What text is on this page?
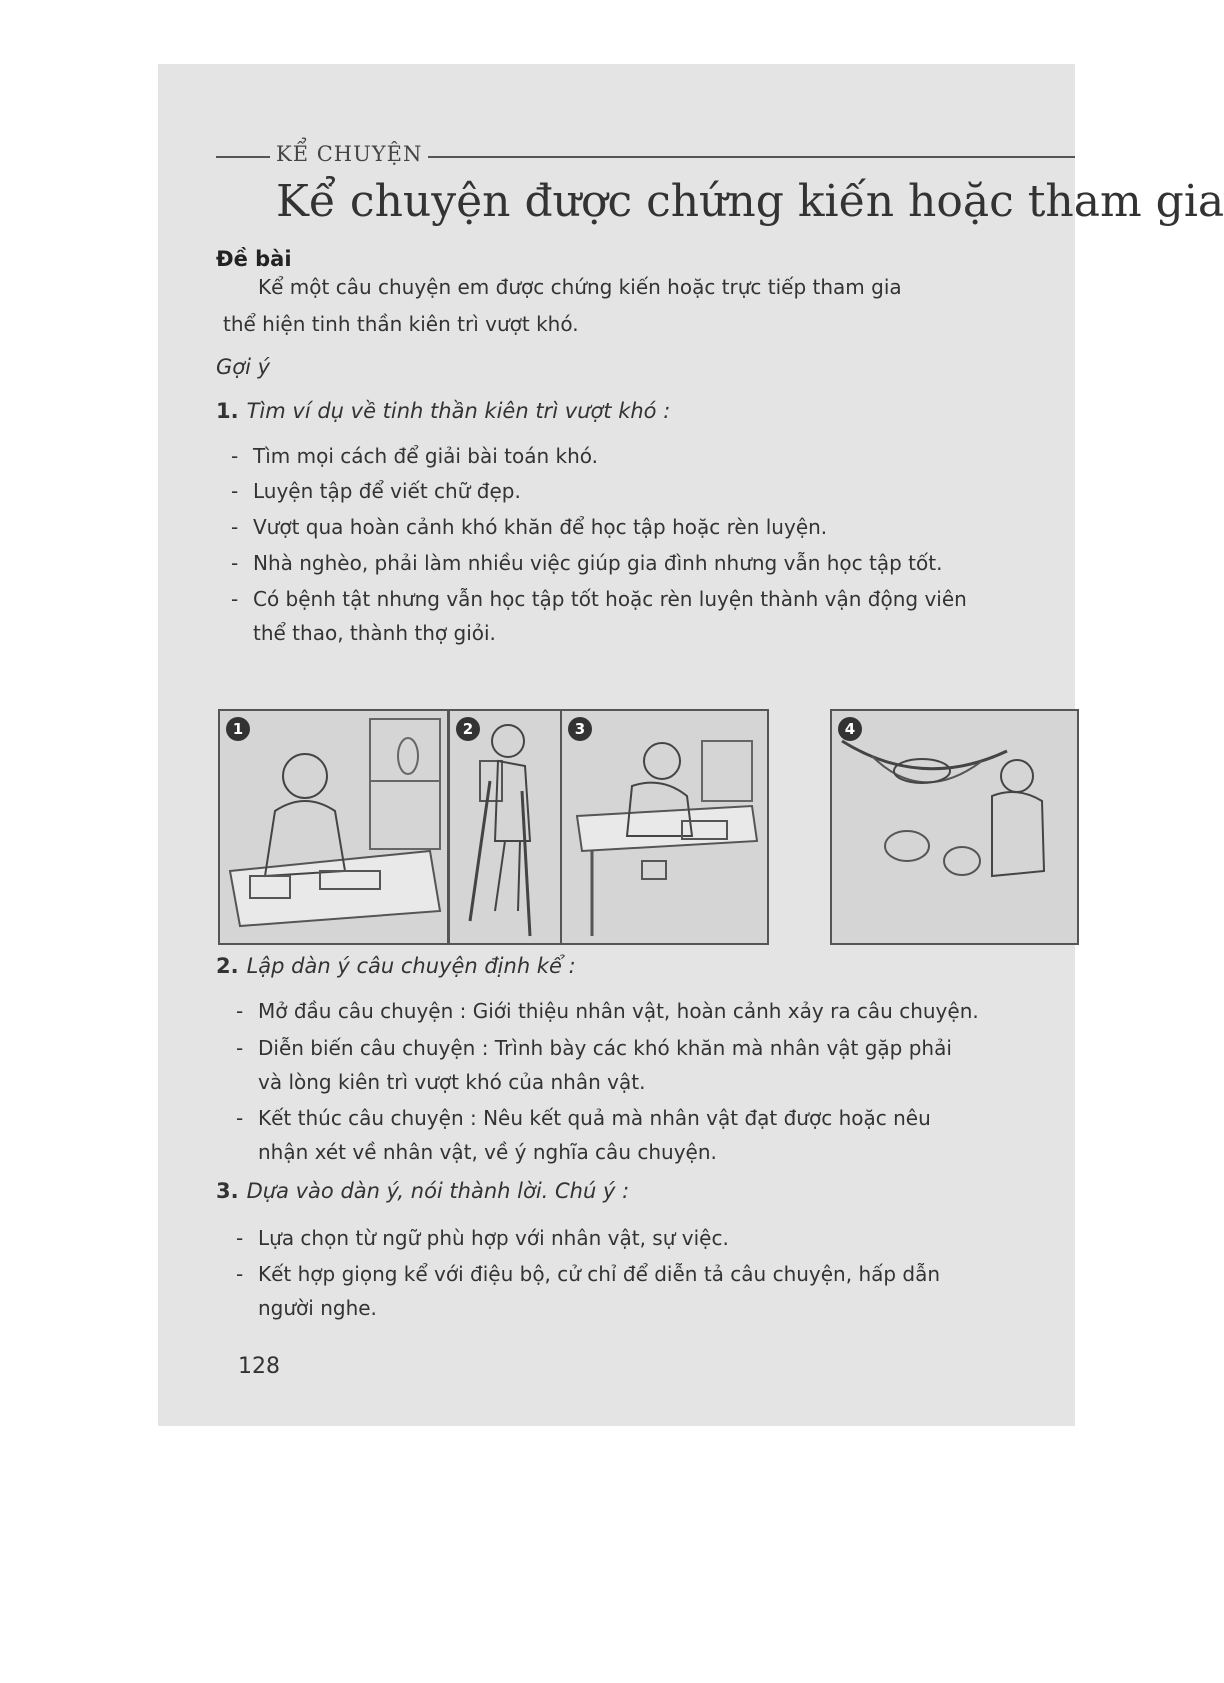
KỂ CHUYỆN
Kể chuyện được chứng kiến hoặc tham gia
Đề bài
Kể một câu chuyện em được chứng kiến hoặc trực tiếp tham gia
thể hiện tinh thần kiên trì vượt khó.
Gợi ý
1. Tìm ví dụ về tinh thần kiên trì vượt khó :
- Tìm mọi cách để giải bài toán khó.
- Luyện tập để viết chữ đẹp.
- Vượt qua hoàn cảnh khó khăn để học tập hoặc rèn luyện.
- Nhà nghèo, phải làm nhiều việc giúp gia đình nhưng vẫn học tập tốt.
- Có bệnh tật nhưng vẫn học tập tốt hoặc rèn luyện thành vận động viên
thể thao, thành thợ giỏi.
1	2	3	4
2. Lập dàn ý câu chuyện định kể :
- Mở đầu câu chuyện : Giới thiệu nhân vật, hoàn cảnh xảy ra câu chuyện.
- Diễn biến câu chuyện : Trình bày các khó khăn mà nhân vật gặp phải
và lòng kiên trì vượt khó của nhân vật.
- Kết thúc câu chuyện : Nêu kết quả mà nhân vật đạt được hoặc nêu
nhận xét về nhân vật, về ý nghĩa câu chuyện.
3. Dựa vào dàn ý, nói thành lời. Chú ý :
- Lựa chọn từ ngữ phù hợp với nhân vật, sự việc.
- Kết hợp giọng kể với điệu bộ, cử chỉ để diễn tả câu chuyện, hấp dẫn
người nghe.
128
